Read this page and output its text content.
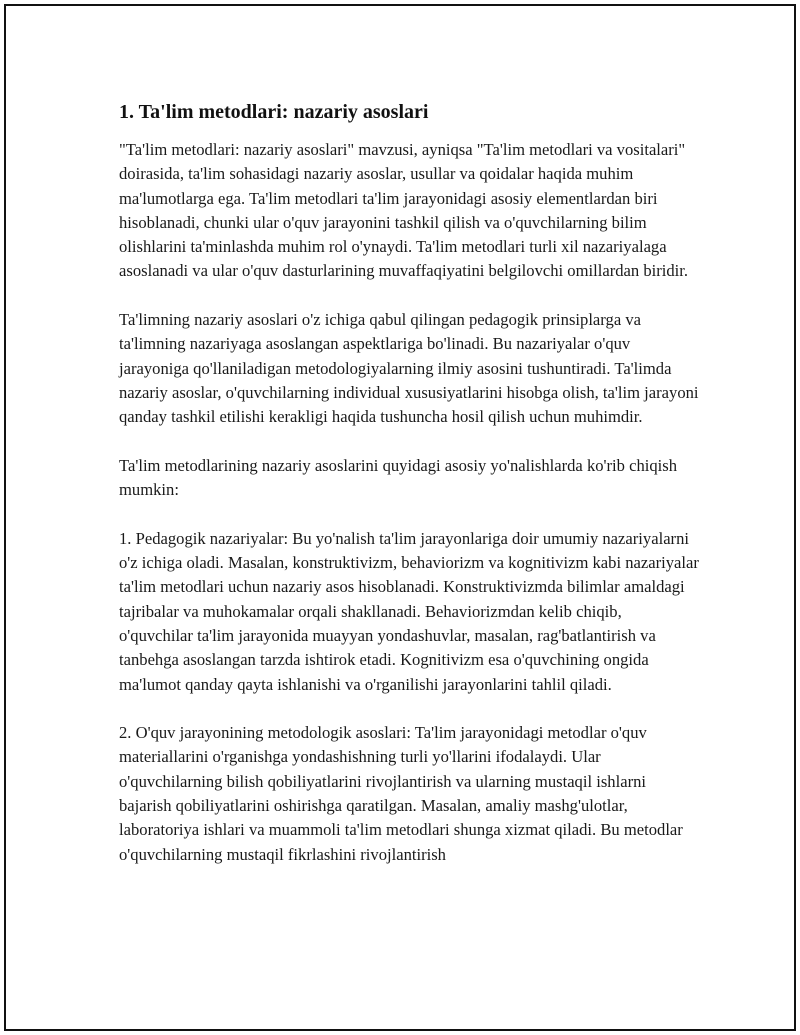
1. Ta'lim metodlari: nazariy asoslari

"Ta'lim metodlari: nazariy asoslari" mavzusi, ayniqsa "Ta'lim metodlari va vositalari" doirasida, ta'lim sohasidagi nazariy asoslar, usullar va qoidalar haqida muhim ma'lumotlarga ega. Ta'lim metodlari ta'lim jarayonidagi asosiy elementlardan biri hisoblanadi, chunki ular o'quv jarayonini tashkil qilish va o'quvchilarning bilim olishlarini ta'minlashda muhim rol o'ynaydi. Ta'lim metodlari turli xil nazariyalaga asoslanadi va ular o'quv dasturlarining muvaffaqiyatini belgilovchi omillardan biridir.

Ta'limning nazariy asoslari o'z ichiga qabul qilingan pedagogik prinsiplarga va ta'limning nazariyaga asoslangan aspektlariga bo'linadi. Bu nazariyalar o'quv jarayoniga qo'llaniladigan metodologiyalarning ilmiy asosini tushuntiradi. Ta'limda nazariy asoslar, o'quvchilarning individual xususiyatlarini hisobga olish, ta'lim jarayoni qanday tashkil etilishi kerakligi haqida tushuncha hosil qilish uchun muhimdir.

Ta'lim metodlarining nazariy asoslarini quyidagi asosiy yo'nalishlarda ko'rib chiqish mumkin:

1. Pedagogik nazariyalar: Bu yo'nalish ta'lim jarayonlariga doir umumiy nazariyalarni o'z ichiga oladi. Masalan, konstruktivizm, behaviorizm va kognitivizm kabi nazariyalar ta'lim metodlari uchun nazariy asos hisoblanadi. Konstruktivizmda bilimlar amaldagi tajribalar va muhokamalar orqali shakllanadi. Behaviorizmdan kelib chiqib, o'quvchilar ta'lim jarayonida muayyan yondashuvlar, masalan, rag'batlantirish va tanbehga asoslangan tarzda ishtirok etadi. Kognitivizm esa o'quvchining ongida ma'lumot qanday qayta ishlanishi va o'rganilishi jarayonlarini tahlil qiladi.

2. O'quv jarayonining metodologik asoslari: Ta'lim jarayonidagi metodlar o'quv materiallarini o'rganishga yondashishning turli yo'llarini ifodalaydi. Ular o'quvchilarning bilish qobiliyatlarini rivojlantirish va ularning mustaqil ishlarni bajarish qobiliyatlarini oshirishga qaratilgan. Masalan, amaliy mashg'ulotlar, laboratoriya ishlari va muammoli ta'lim metodlari shunga xizmat qiladi. Bu metodlar o'quvchilarning mustaqil fikrlashini rivojlantirish
